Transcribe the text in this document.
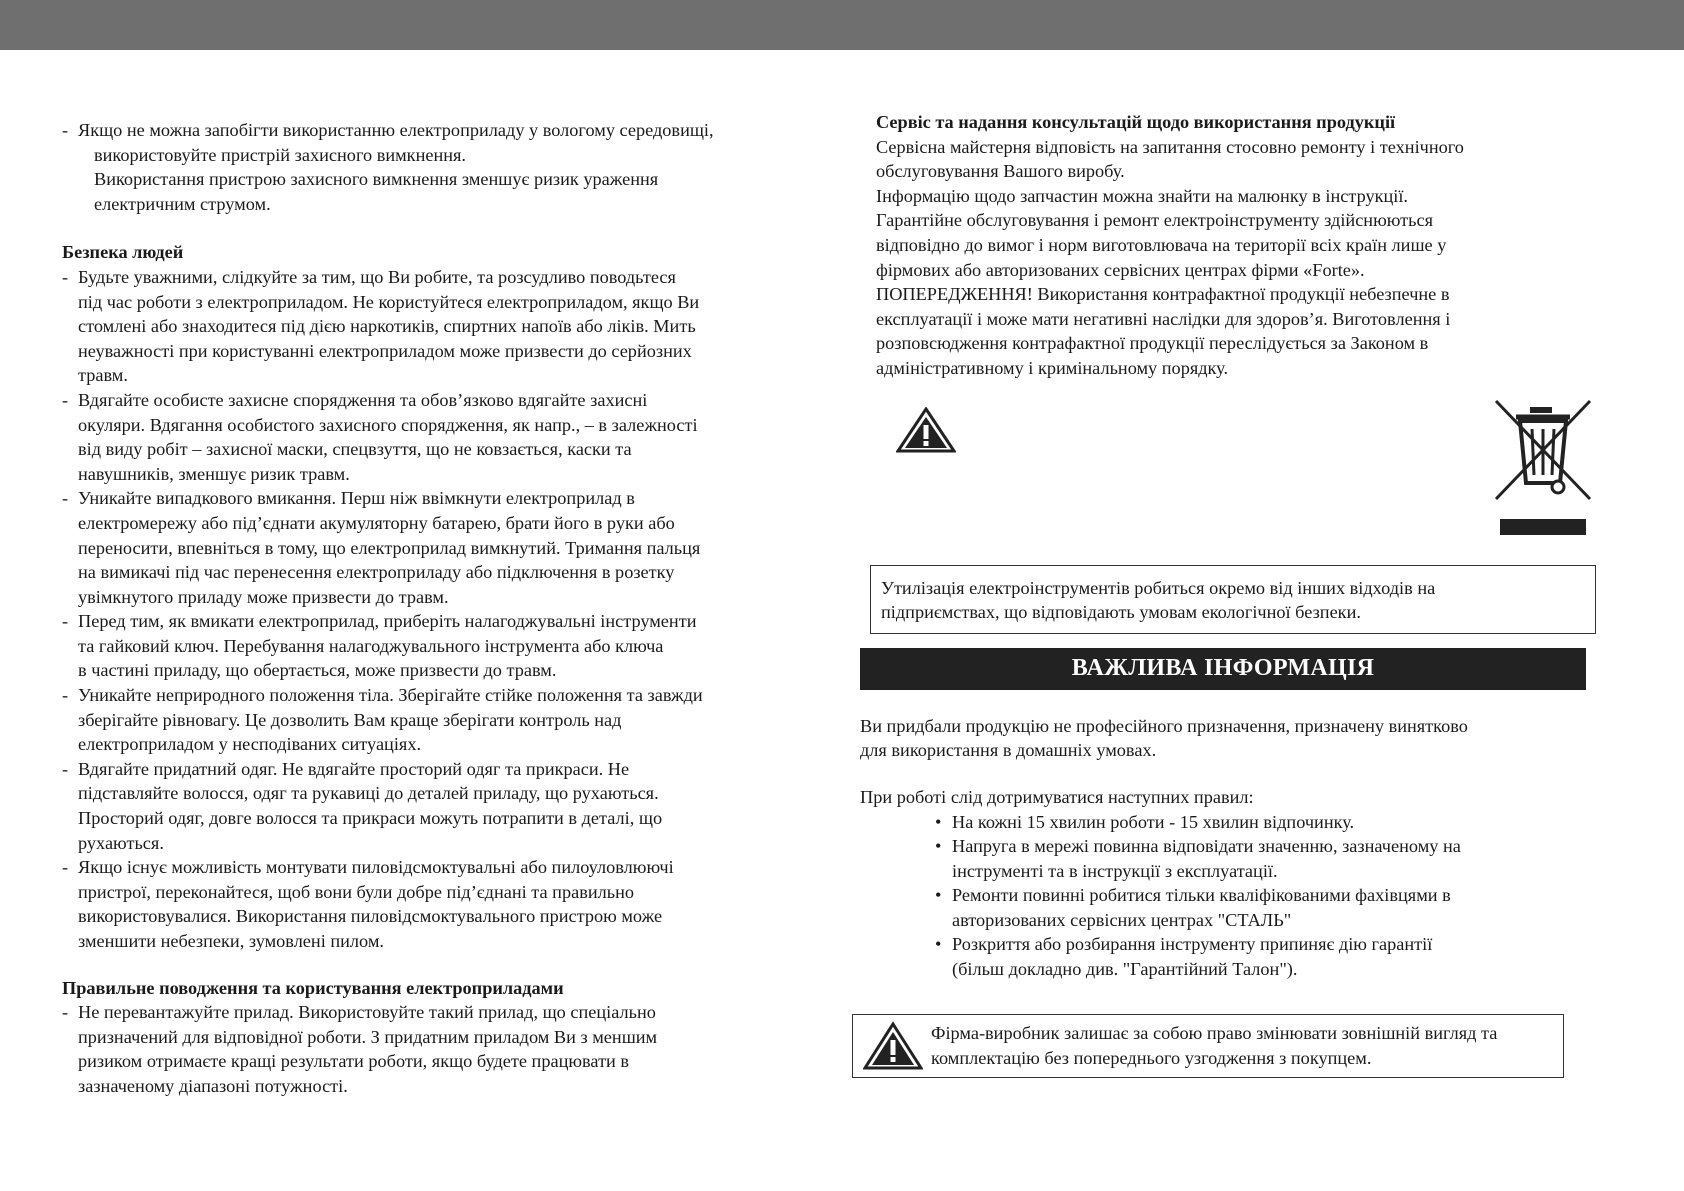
- Якщо не можна запобігти використанню електроприладу у вологому середовищі,

використовуйте пристрій захисного вимкнення.

Використання пристрою захисного вимкнення зменшує ризик ураження

електричним струмом.

Безпека людей

- Будьте уважними, слідкуйте за тим, що Ви робите, та розсудливо поводьтеся

під час роботи з електроприладом. Не користуйтеся електроприладом, якщо Ви

стомлені або знаходитеся під дією наркотиків, спиртних напоїв або ліків. Мить

неуважності при користуванні електроприладом може призвести до серйозних

травм.

- Вдягайте особисте захисне спорядження та обов’язково вдягайте захисні

окуляри. Вдягання особистого захисного спорядження, як напр., – в залежності

від виду робіт – захисної маски, спецвзуття, що не ковзається, каски та

навушників, зменшує ризик травм.

- Уникайте випадкового вмикання. Перш ніж ввімкнути електроприлад в

електромережу або під’єднати акумуляторну батарею, брати його в руки або

переносити, впевніться в тому, що електроприлад вимкнутий. Тримання пальця

на вимикачі під час перенесення електроприладу або підключення в розетку

увімкнутого приладу може призвести до травм.

- Перед тим, як вмикати електроприлад, приберіть налагоджувальні інструменти

та гайковий ключ. Перебування налагоджувального інструмента або ключа

в частині приладу, що обертається, може призвести до травм.

- Уникайте неприродного положення тіла. Зберігайте стійке положення та завжди

зберігайте рівновагу. Це дозволить Вам краще зберігати контроль над

електроприладом у несподіваних ситуаціях.

- Вдягайте придатний одяг. Не вдягайте просторий одяг та прикраси. Не

підставляйте волосся, одяг та рукавиці до деталей приладу, що рухаються.

Просторий одяг, довге волосся та прикраси можуть потрапити в деталі, що

рухаються.

- Якщо існує можливість монтувати пиловідсмоктувальні або пилоуловлюючі

пристрої, переконайтеся, щоб вони були добре під’єднані та правильно

використовувалися. Використання пиловідсмоктувального пристрою може

зменшити небезпеки, зумовлені пилом.

Правильне поводження та користування електроприладами

- Не перевантажуйте прилад. Використовуйте такий прилад, що спеціально

призначений для відповідної роботи. З придатним приладом Ви з меншим

ризиком отримаєте кращі результати роботи, якщо будете працювати в

зазначеному діапазоні потужності.

Сервіс та надання консультацій щодо використання продукції

Сервісна майстерня відповість на запитання стосовно ремонту і технічного

обслуговування Вашого виробу.

Інформацію щодо запчастин можна знайти на малюнку в інструкції.

Гарантійне обслуговування і ремонт електроінструменту здійснюються

відповідно до вимог і норм виготовлювача на території всіх країн лише у

фірмових або авторизованих сервісних центрах фірми «Forte».

ПОПЕРЕДЖЕННЯ! Використання контрафактної продукції небезпечне в

експлуатації і може мати негативні наслідки для здоров’я. Виготовлення і

розповсюдження контрафактної продукції переслідується за Законом в

адміністративному і кримінальному порядку.

Утилізація електроінструментів робиться окремо від інших відходів на

підприємствах, що відповідають умовам екологічної безпеки.

ВАЖЛИВА ІНФОРМАЦІЯ

Ви придбали продукцію не професійного призначення, призначену винятково

для використання в домашніх умовах.

При роботі слід дотримуватися наступних правил:

• На кожні 15 хвилин роботи - 15 хвилин відпочинку.

• Напруга в мережі повинна відповідати значенню, зазначеному на

інструменті та в інструкції з експлуатації.

• Ремонти повинні робитися тільки кваліфікованими фахівцями в

авторизованих сервісних центрах "СТАЛЬ"

• Розкриття або розбирання інструменту припиняє дію гарантії

(більш докладно див. "Гарантійний Талон").

Фірма-виробник залишає за собою право змінювати зовнішній вигляд та

комплектацію без попереднього узгодження з покупцем.
